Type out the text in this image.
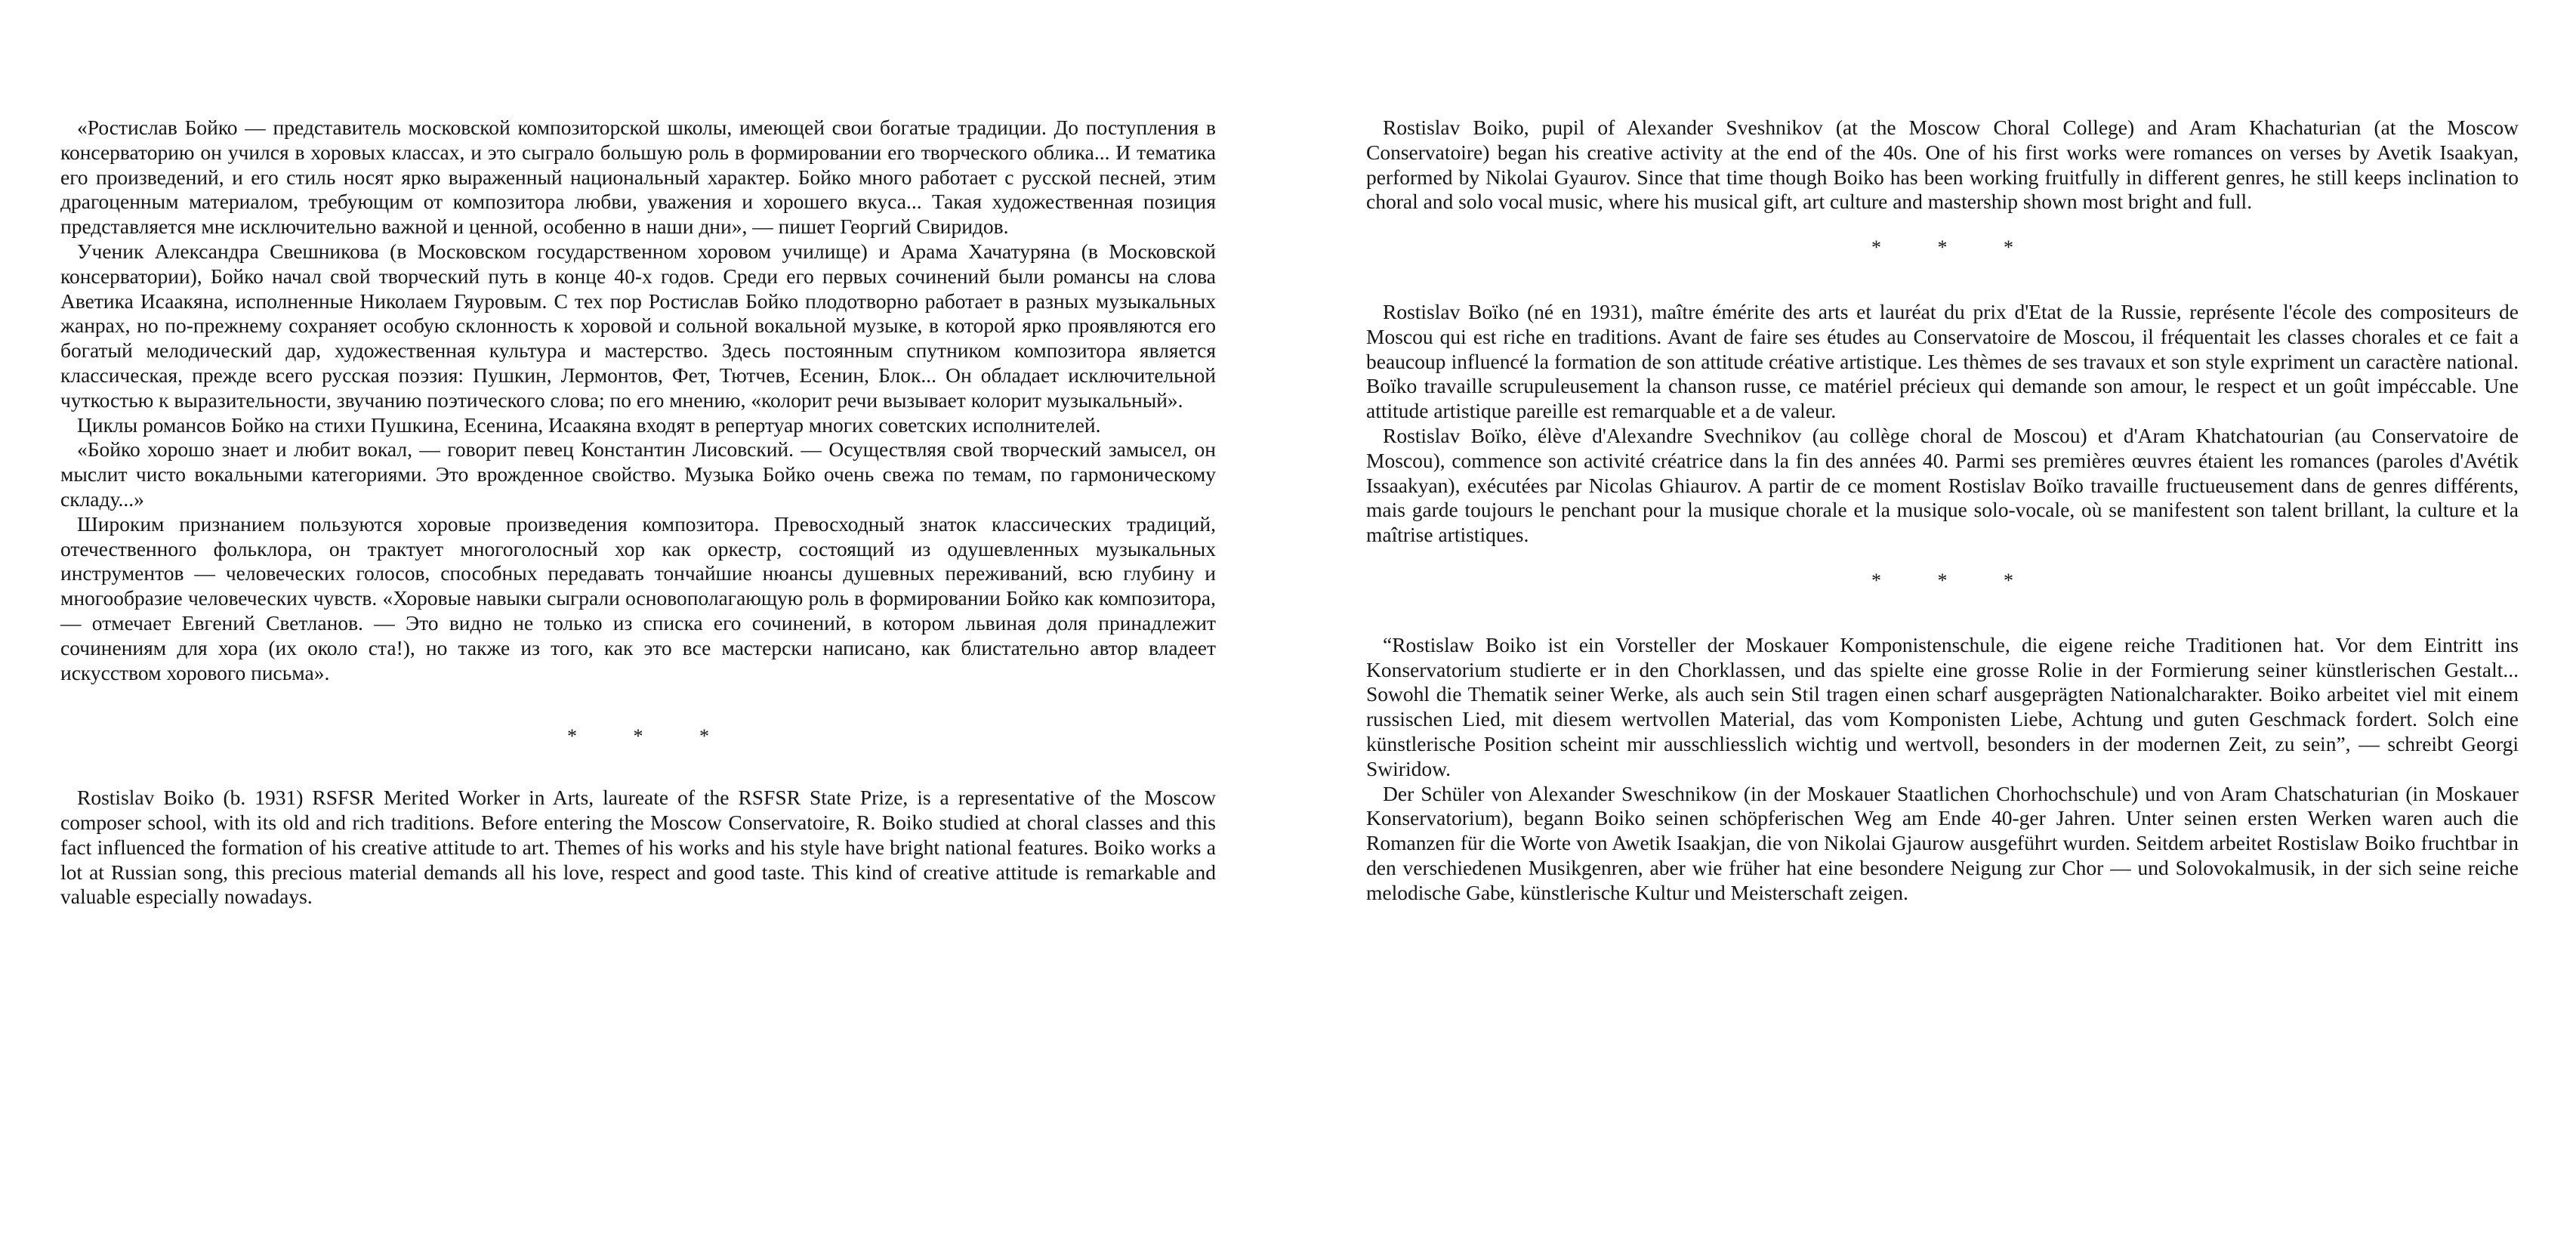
«Ростислав Бойко — представитель московской композиторской школы, имеющей свои богатые традиции. До поступления в консерваторию он учился в хоровых классах, и это сыграло большую роль в формировании его творческого облика... И тематика его произведений, и его стиль носят ярко выраженный национальный характер. Бойко много работает с русской песней, этим драгоценным материалом, требующим от композитора любви, уважения и хорошего вкуса... Такая художественная позиция представляется мне исключительно важной и ценной, особенно в наши дни», — пишет Георгий Свиридов.

Ученик Александра Свешникова (в Московском государственном хоровом училище) и Арама Хачатуряна (в Московской консерватории), Бойко начал свой творческий путь в конце 40-х годов. Среди его первых сочинений были романсы на слова Аветика Исаакяна, исполненные Николаем Гяуровым. С тех пор Ростислав Бойко плодотворно работает в разных музыкальных жанрах, но по-прежнему сохраняет особую склонность к хоровой и сольной вокальной музыке, в которой ярко проявляются его богатый мелодический дар, художественная культура и мастерство. Здесь постоянным спутником композитора является классическая, прежде всего русская поэзия: Пушкин, Лермонтов, Фет, Тютчев, Есенин, Блок... Он обладает исключительной чуткостью к выразительности, звучанию поэтического слова; по его мнению, «колорит речи вызывает колорит музыкальный».

Циклы романсов Бойко на стихи Пушкина, Есенина, Исаакяна входят в репертуар многих советских исполнителей.

«Бойко хорошо знает и любит вокал, — говорит певец Константин Лисовский. — Осуществляя свой творческий замысел, он мыслит чисто вокальными категориями. Это врожденное свойство. Музыка Бойко очень свежа по темам, по гармоническому складу...»

Широким признанием пользуются хоровые произведения композитора. Превосходный знаток классических традиций, отечественного фольклора, он трактует многоголосный хор как оркестр, состоящий из одушевленных музыкальных инструментов — человеческих голосов, способных передавать тончайшие нюансы душевных переживаний, всю глубину и многообразие человеческих чувств. «Хоровые навыки сыграли основополагающую роль в формировании Бойко как композитора, — отмечает Евгений Светланов. — Это видно не только из списка его сочинений, в котором львиная доля принадлежит сочинениям для хора (их около ста!), но также из того, как это все мастерски написано, как блистательно автор владеет искусством хорового письма».

*	*	*

Rostislav Boiko (b. 1931) RSFSR Merited Worker in Arts, laureate of the RSFSR State Prize, is a representative of the Moscow composer school, with its old and rich traditions. Before entering the Moscow Conservatoire, R. Boiko studied at choral classes and this fact influenced the formation of his creative attitude to art. Themes of his works and his style have bright national features. Boiko works a lot at Russian song, this precious material demands all his love, respect and good taste. This kind of creative attitude is remarkable and valuable especially nowadays.

Rostislav Boiko, pupil of Alexander Sveshnikov (at the Moscow Choral College) and Aram Khachaturian (at the Moscow Conservatoire) began his creative activity at the end of the 40s. One of his first works were romances on verses by Avetik Isaakyan, performed by Nikolai Gyaurov. Since that time though Boiko has been working fruitfully in different genres, he still keeps inclination to choral and solo vocal music, where his musical gift, art culture and mastership shown most bright and full.

*	*	*

Rostislav Boïko (né en 1931), maître émérite des arts et lauréat du prix d'Etat de la Russie, représente l'école des compositeurs de Moscou qui est riche en traditions. Avant de faire ses études au Conservatoire de Moscou, il fréquentait les classes chorales et ce fait a beaucoup influencé la formation de son attitude créative artistique. Les thèmes de ses travaux et son style expriment un caractère national. Boïko travaille scrupuleusement la chanson russe, ce matériel précieux qui demande son amour, le respect et un goût impéccable. Une attitude artistique pareille est remarquable et a de valeur.

Rostislav Boïko, élève d'Alexandre Svechnikov (au collège choral de Moscou) et d'Aram Khatchatourian (au Conservatoire de Moscou), commence son activité créatrice dans la fin des années 40. Parmi ses premières œuvres étaient les romances (paroles d'Avétik Issaakyan), exécutées par Nicolas Ghiaurov. A partir de ce moment Rostislav Boïko travaille fructueusement dans de genres différents, mais garde toujours le penchant pour la musique chorale et la musique solo-vocale, où se manifestent son talent brillant, la culture et la maîtrise artistiques.

*	*	*

“Rostislaw Boiko ist ein Vorsteller der Moskauer Komponistenschule, die eigene reiche Traditionen hat. Vor dem Eintritt ins Konservatorium studierte er in den Chorklassen, und das spielte eine grosse Rolie in der Formierung seiner künstlerischen Gestalt... Sowohl die Thematik seiner Werke, als auch sein Stil tragen einen scharf ausgeprägten Nationalcharakter. Boiko arbeitet viel mit einem russischen Lied, mit diesem wertvollen Material, das vom Komponisten Liebe, Achtung und guten Geschmack fordert. Solch eine künstlerische Position scheint mir ausschliesslich wichtig und wertvoll, besonders in der modernen Zeit, zu sein”, — schreibt Georgi Swiridow.

Der Schüler von Alexander Sweschnikow (in der Moskauer Staatlichen Chorhochschule) und von Aram Chatschaturian (in Moskauer Konservatorium), begann Boiko seinen schöpferischen Weg am Ende 40-ger Jahren. Unter seinen ersten Werken waren auch die Romanzen für die Worte von Awetik Isaakjan, die von Nikolai Gjaurow ausgeführt wurden. Seitdem arbeitet Rostislaw Boiko fruchtbar in den verschiedenen Musikgenren, aber wie früher hat eine besondere Neigung zur Chor — und Solovokalmusik, in der sich seine reiche melodische Gabe, künstlerische Kultur und Meisterschaft zeigen.
